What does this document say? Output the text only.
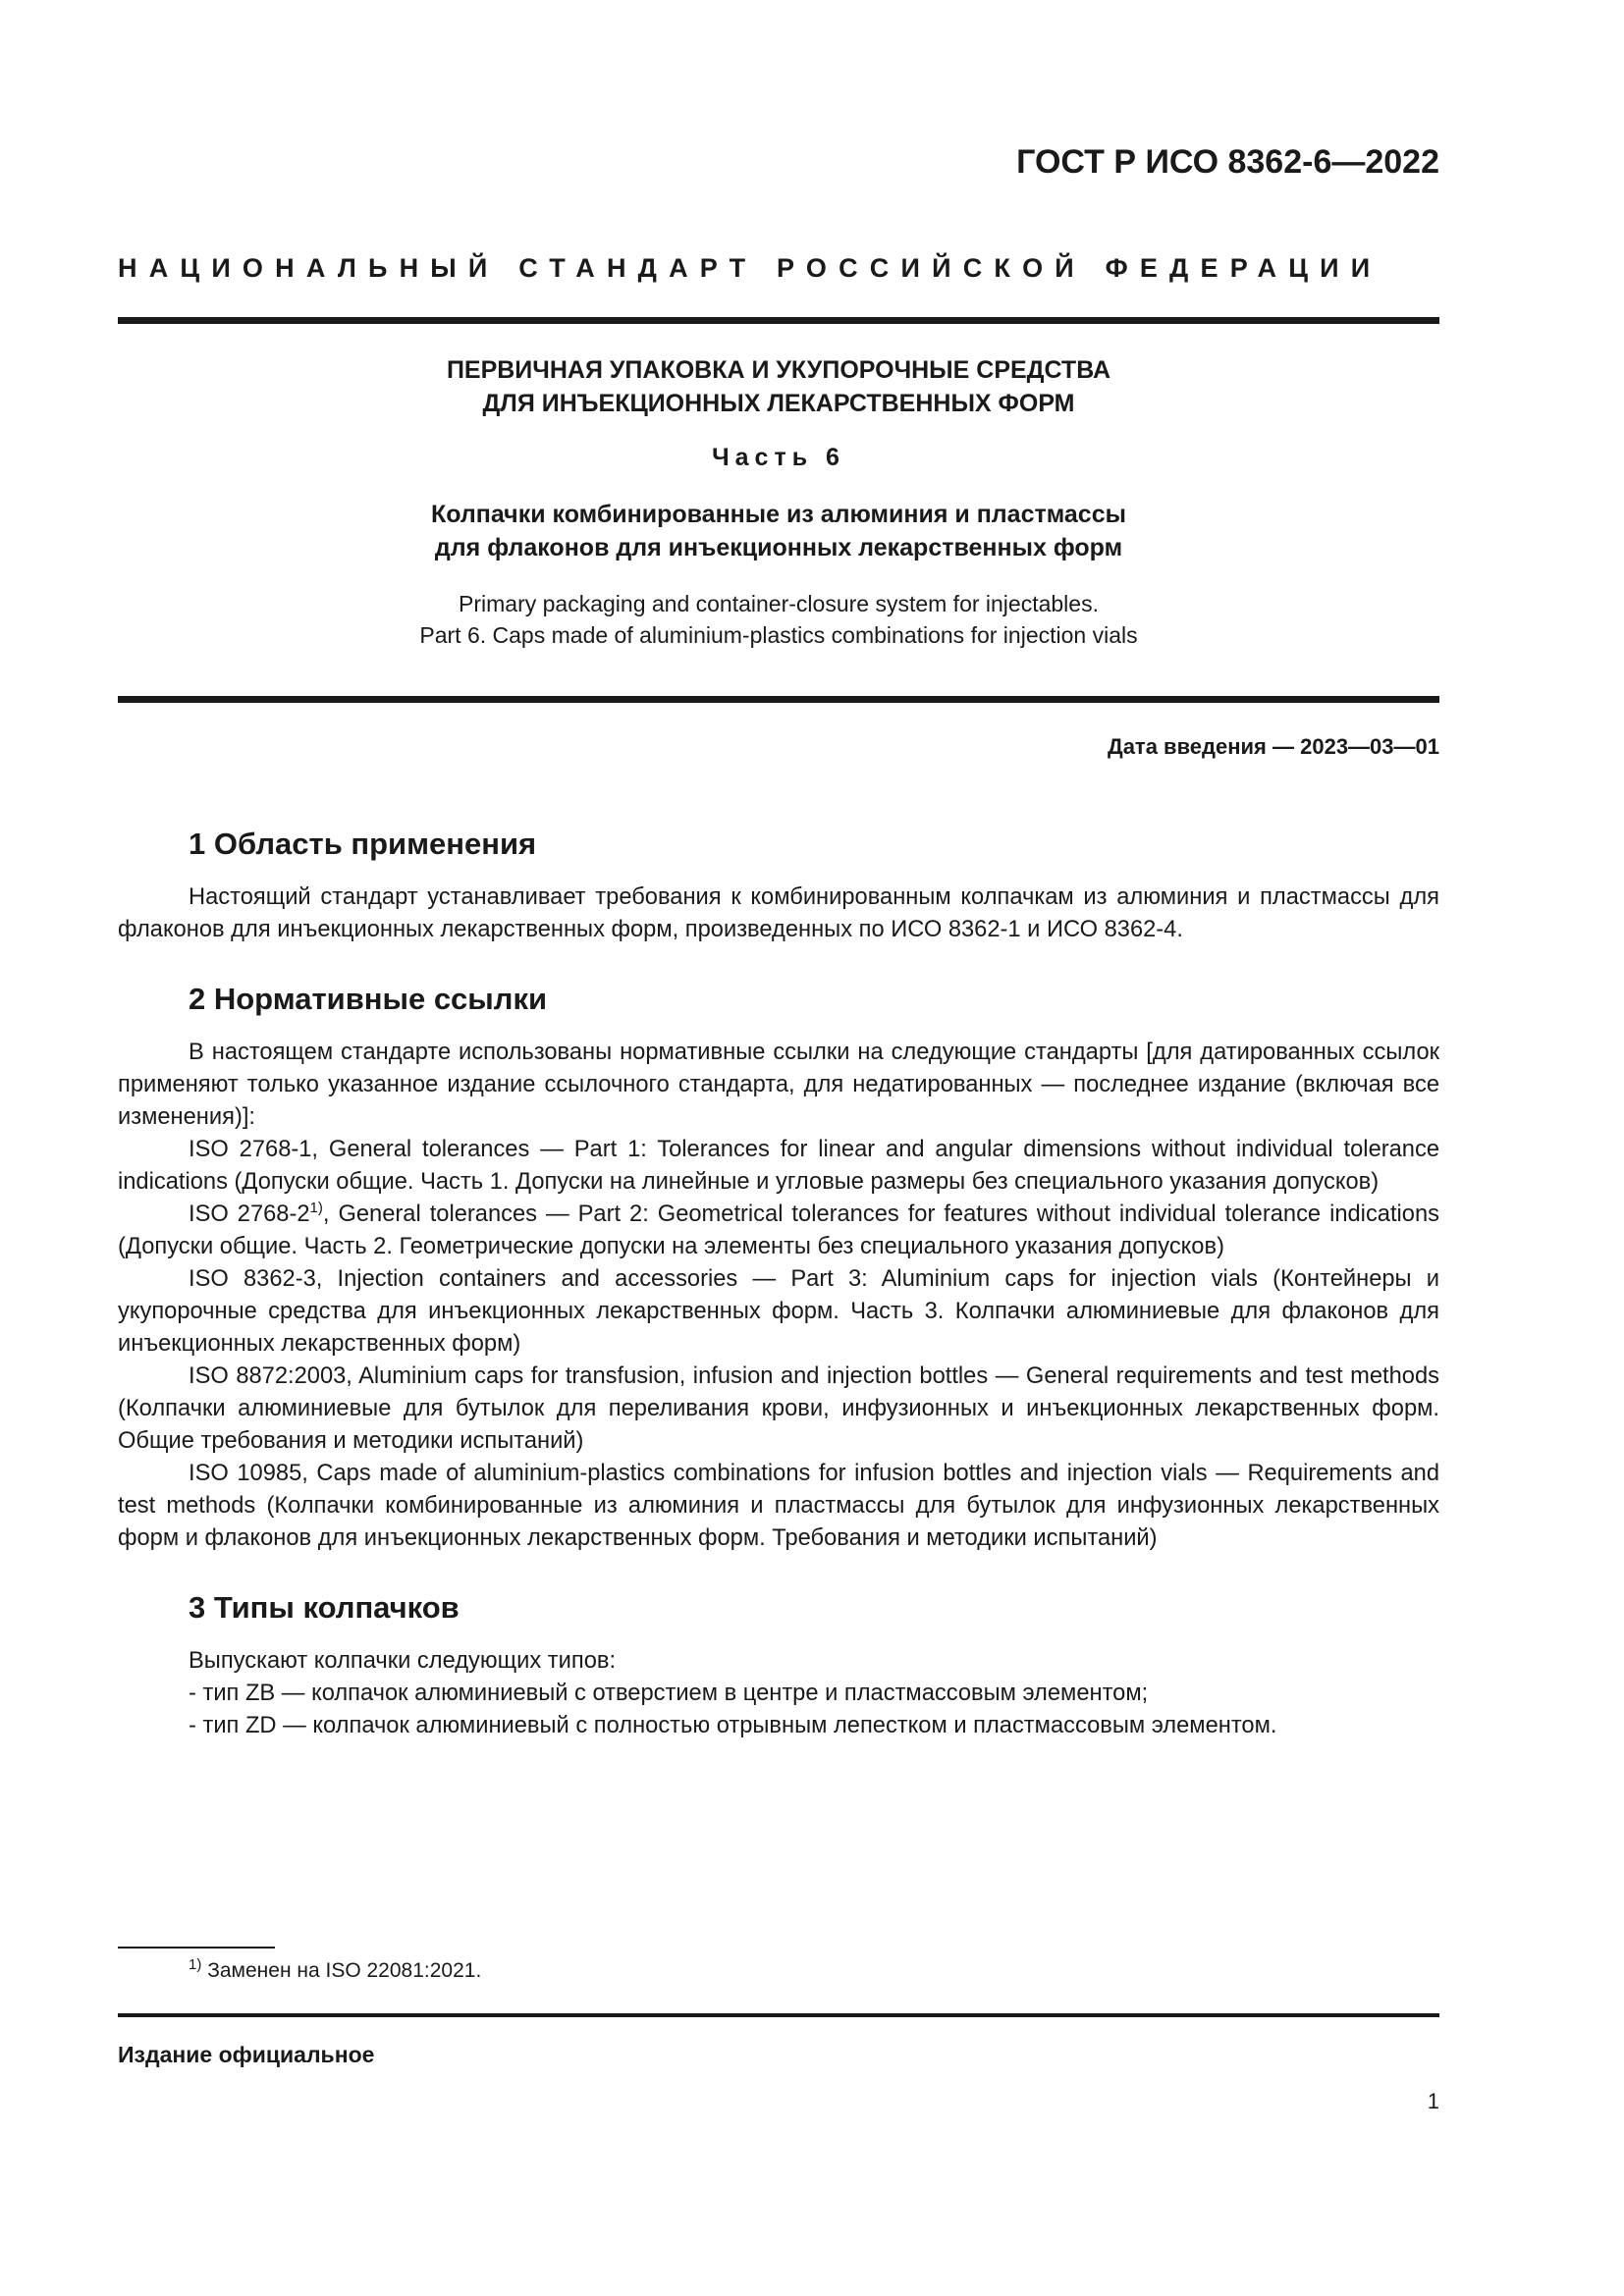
ГОСТ Р ИСО 8362-6—2022
НАЦИОНАЛЬНЫЙ СТАНДАРТ РОССИЙСКОЙ ФЕДЕРАЦИИ
ПЕРВИЧНАЯ УПАКОВКА И УКУПОРОЧНЫЕ СРЕДСТВА
ДЛЯ ИНЪЕКЦИОННЫХ ЛЕКАРСТВЕННЫХ ФОРМ
Часть 6
Колпачки комбинированные из алюминия и пластмассы
для флаконов для инъекционных лекарственных форм
Primary packaging and container-closure system for injectables.
Part 6. Caps made of aluminium-plastics combinations for injection vials
Дата введения — 2023—03—01
1 Область применения

Настоящий стандарт устанавливает требования к комбинированным колпачкам из алюминия и пластмассы для флаконов для инъекционных лекарственных форм, произведенных по ИСО 8362-1 и ИСО 8362-4.

2 Нормативные ссылки

В настоящем стандарте использованы нормативные ссылки на следующие стандарты [для датированных ссылок применяют только указанное издание ссылочного стандарта, для недатированных — последнее издание (включая все изменения)]:

ISO 2768-1, General tolerances — Part 1: Tolerances for linear and angular dimensions without individual tolerance indications (Допуски общие. Часть 1. Допуски на линейные и угловые размеры без специального указания допусков)

ISO 2768-2$^{1)}$, General tolerances — Part 2: Geometrical tolerances for features without individual tolerance indications (Допуски общие. Часть 2. Геометрические допуски на элементы без специального указания допусков)

ISO 8362-3, Injection containers and accessories — Part 3: Aluminium caps for injection vials (Контейнеры и укупорочные средства для инъекционных лекарственных форм. Часть 3. Колпачки алюминиевые для флаконов для инъекционных лекарственных форм)

ISO 8872:2003, Aluminium caps for transfusion, infusion and injection bottles — General requirements and test methods (Колпачки алюминиевые для бутылок для переливания крови, инфузионных и инъекционных лекарственных форм. Общие требования и методики испытаний)

ISO 10985, Caps made of aluminium-plastics combinations for infusion bottles and injection vials — Requirements and test methods (Колпачки комбинированные из алюминия и пластмассы для бутылок для инфузионных лекарственных форм и флаконов для инъекционных лекарственных форм. Требования и методики испытаний)

3 Типы колпачков

Выпускают колпачки следующих типов:

- тип ZB — колпачок алюминиевый с отверстием в центре и пластмассовым элементом;

- тип ZD — колпачок алюминиевый с полностью отрывным лепестком и пластмассовым элементом.

$^{1)}$ Заменен на ISO 22081:2021.
Издание официальное
1
